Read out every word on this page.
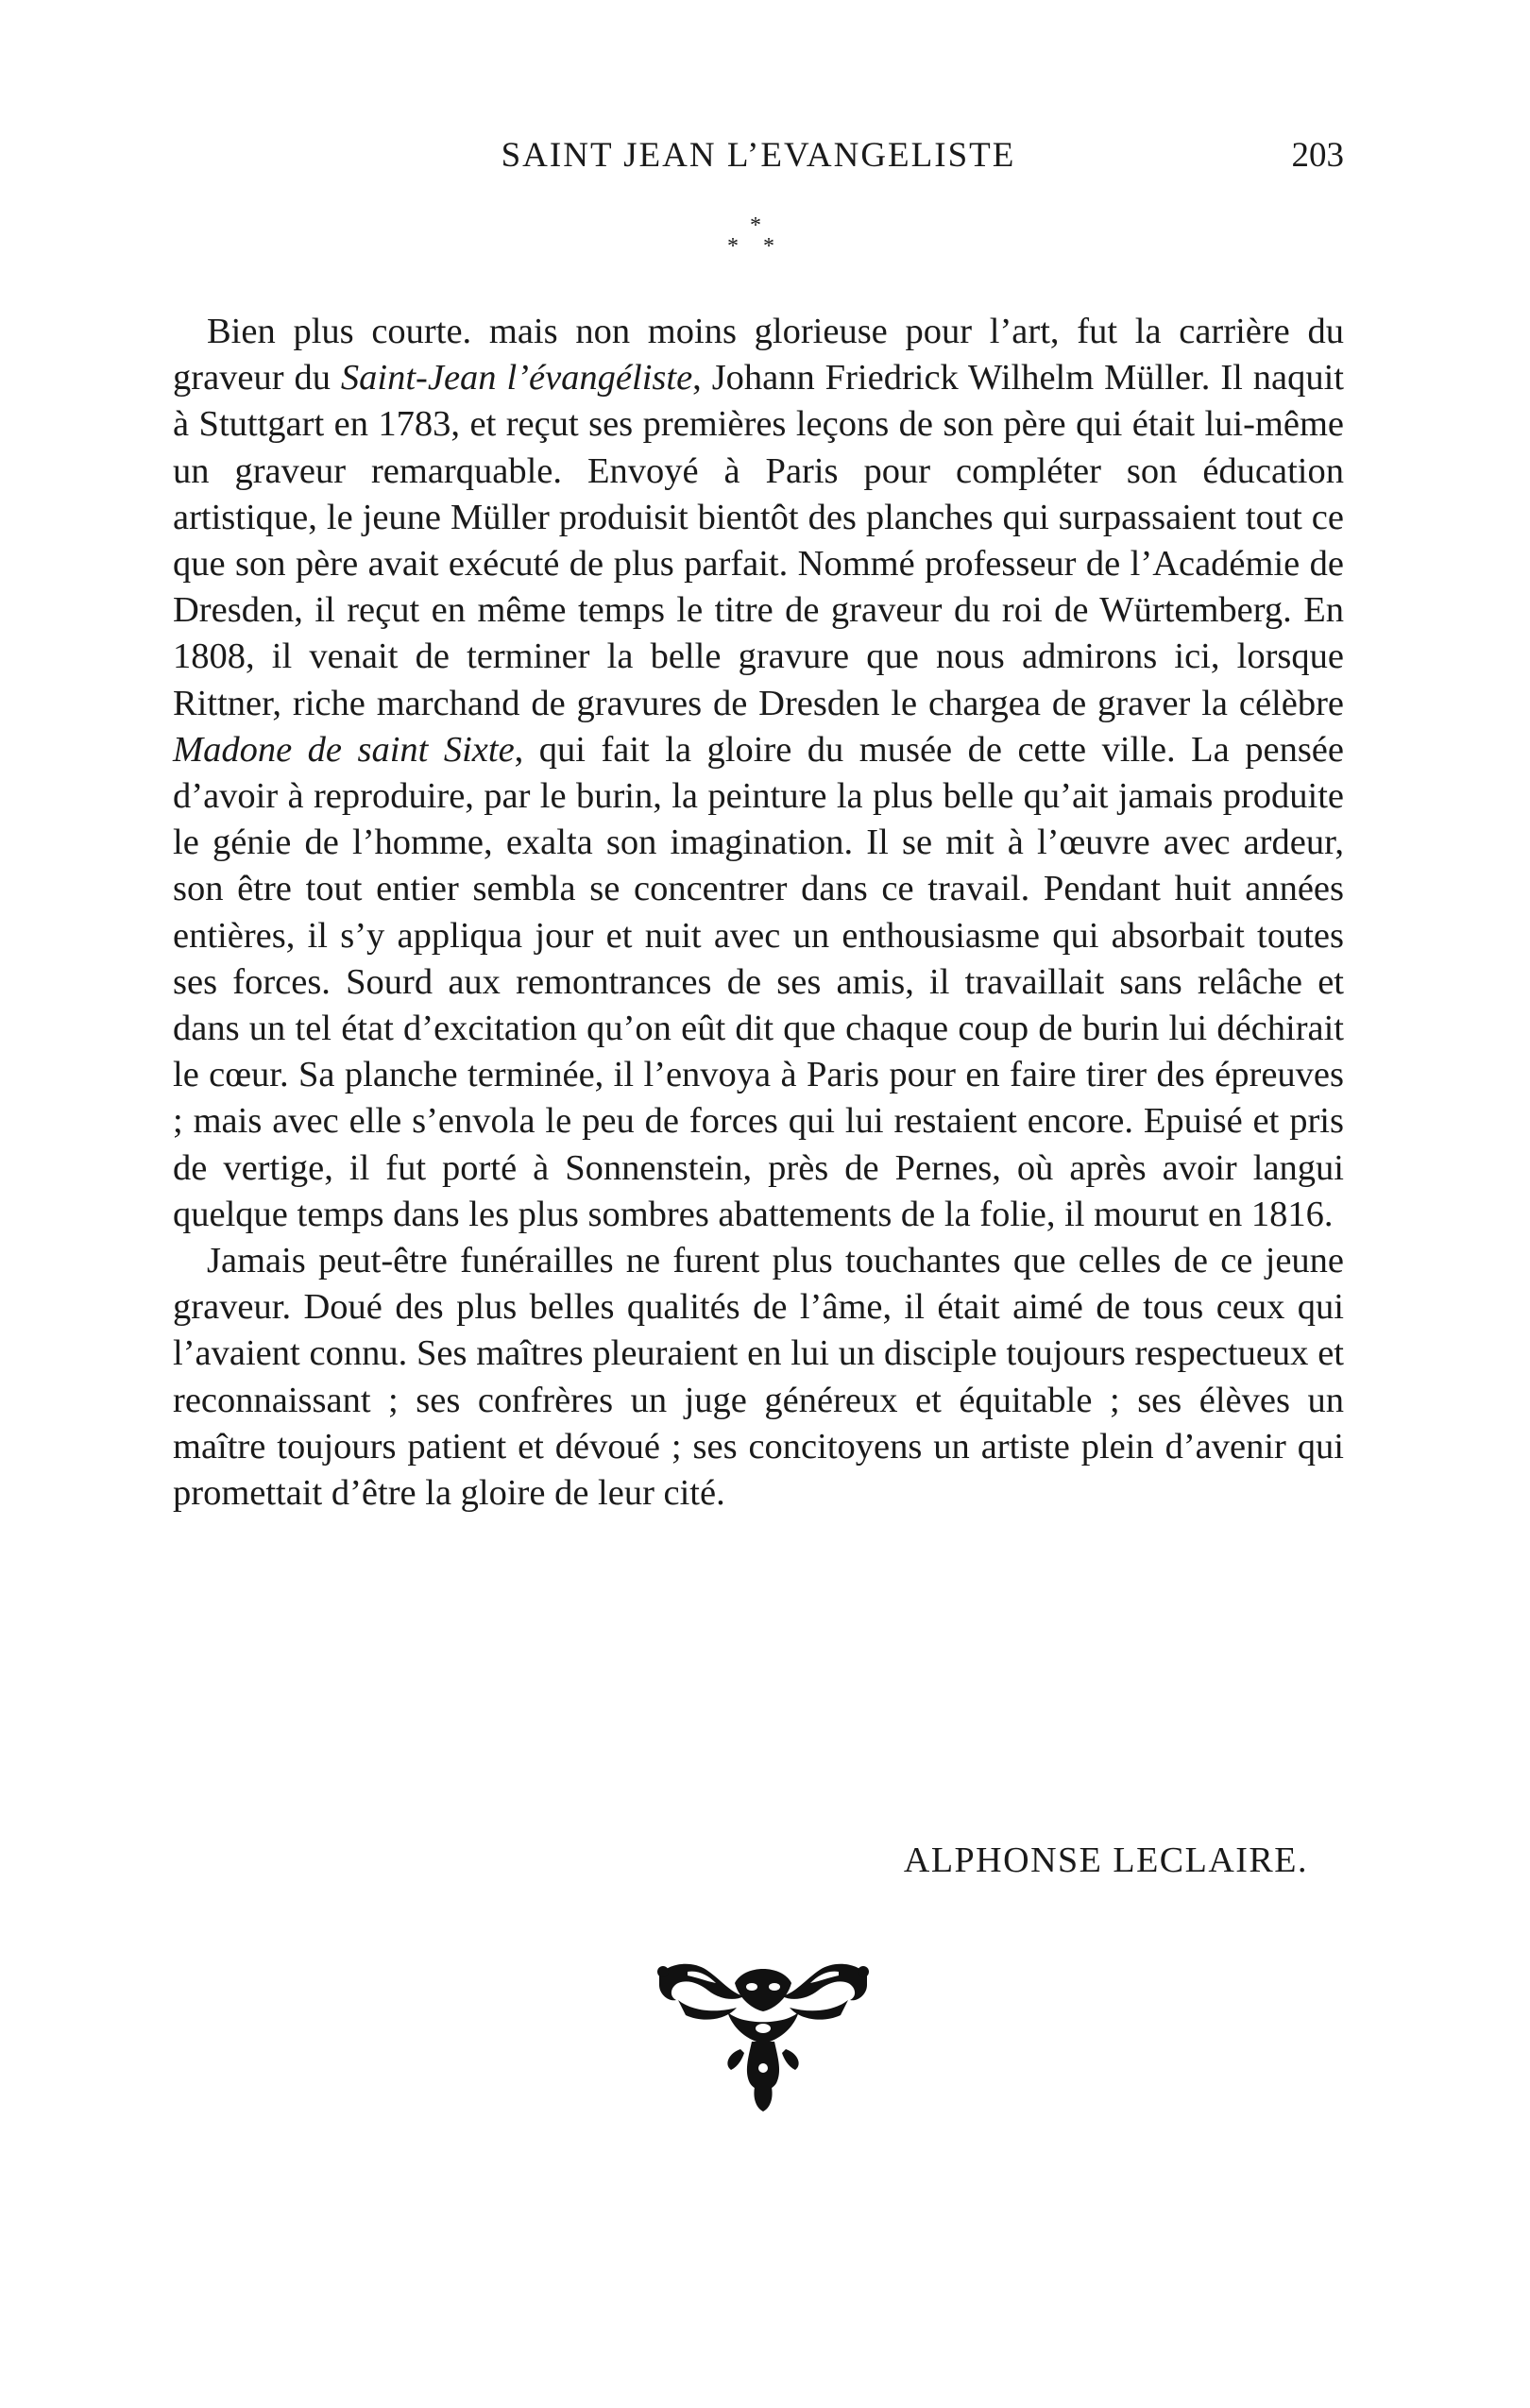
SAINT JEAN L’EVANGELISTE	203
*
* *

Bien plus courte. mais non moins glorieuse pour l’art, fut la carrière du graveur du Saint-Jean l’évangéliste, Johann Friedrick Wilhelm Müller. Il naquit à Stuttgart en 1783, et reçut ses premières leçons de son père qui était lui-même un graveur remarquable. Envoyé à Paris pour compléter son éducation artistique, le jeune Müller produisit bientôt des planches qui surpassaient tout ce que son père avait exécuté de plus parfait. Nommé professeur de l’Académie de Dresden, il reçut en même temps le titre de graveur du roi de Würtemberg. En 1808, il venait de terminer la belle gravure que nous admirons ici, lorsque Rittner, riche marchand de gravures de Dresden le chargea de graver la célèbre Madone de saint Sixte, qui fait la gloire du musée de cette ville. La pensée d’avoir à reproduire, par le burin, la peinture la plus belle qu’ait jamais produite le génie de l’homme, exalta son imagination. Il se mit à l’œuvre avec ardeur, son être tout entier sembla se concentrer dans ce travail. Pendant huit années entières, il s’y appliqua jour et nuit avec un enthousiasme qui absorbait toutes ses forces. Sourd aux remontrances de ses amis, il travaillait sans relâche et dans un tel état d’excitation qu’on eût dit que chaque coup de burin lui déchirait le cœur. Sa planche terminée, il l’envoya à Paris pour en faire tirer des épreuves ; mais avec elle s’envola le peu de forces qui lui restaient encore. Epuisé et pris de vertige, il fut porté à Sonnenstein, près de Pernes, où après avoir langui quelque temps dans les plus sombres abattements de la folie, il mourut en 1816.

Jamais peut-être funérailles ne furent plus touchantes que celles de ce jeune graveur. Doué des plus belles qualités de l’âme, il était aimé de tous ceux qui l’avaient connu. Ses maîtres pleuraient en lui un disciple toujours respectueux et reconnaissant ; ses confrères un juge généreux et équitable ; ses élèves un maître toujours patient et dévoué ; ses concitoyens un artiste plein d’avenir qui promettait d’être la gloire de leur cité.

ALPHONSE LECLAIRE.
